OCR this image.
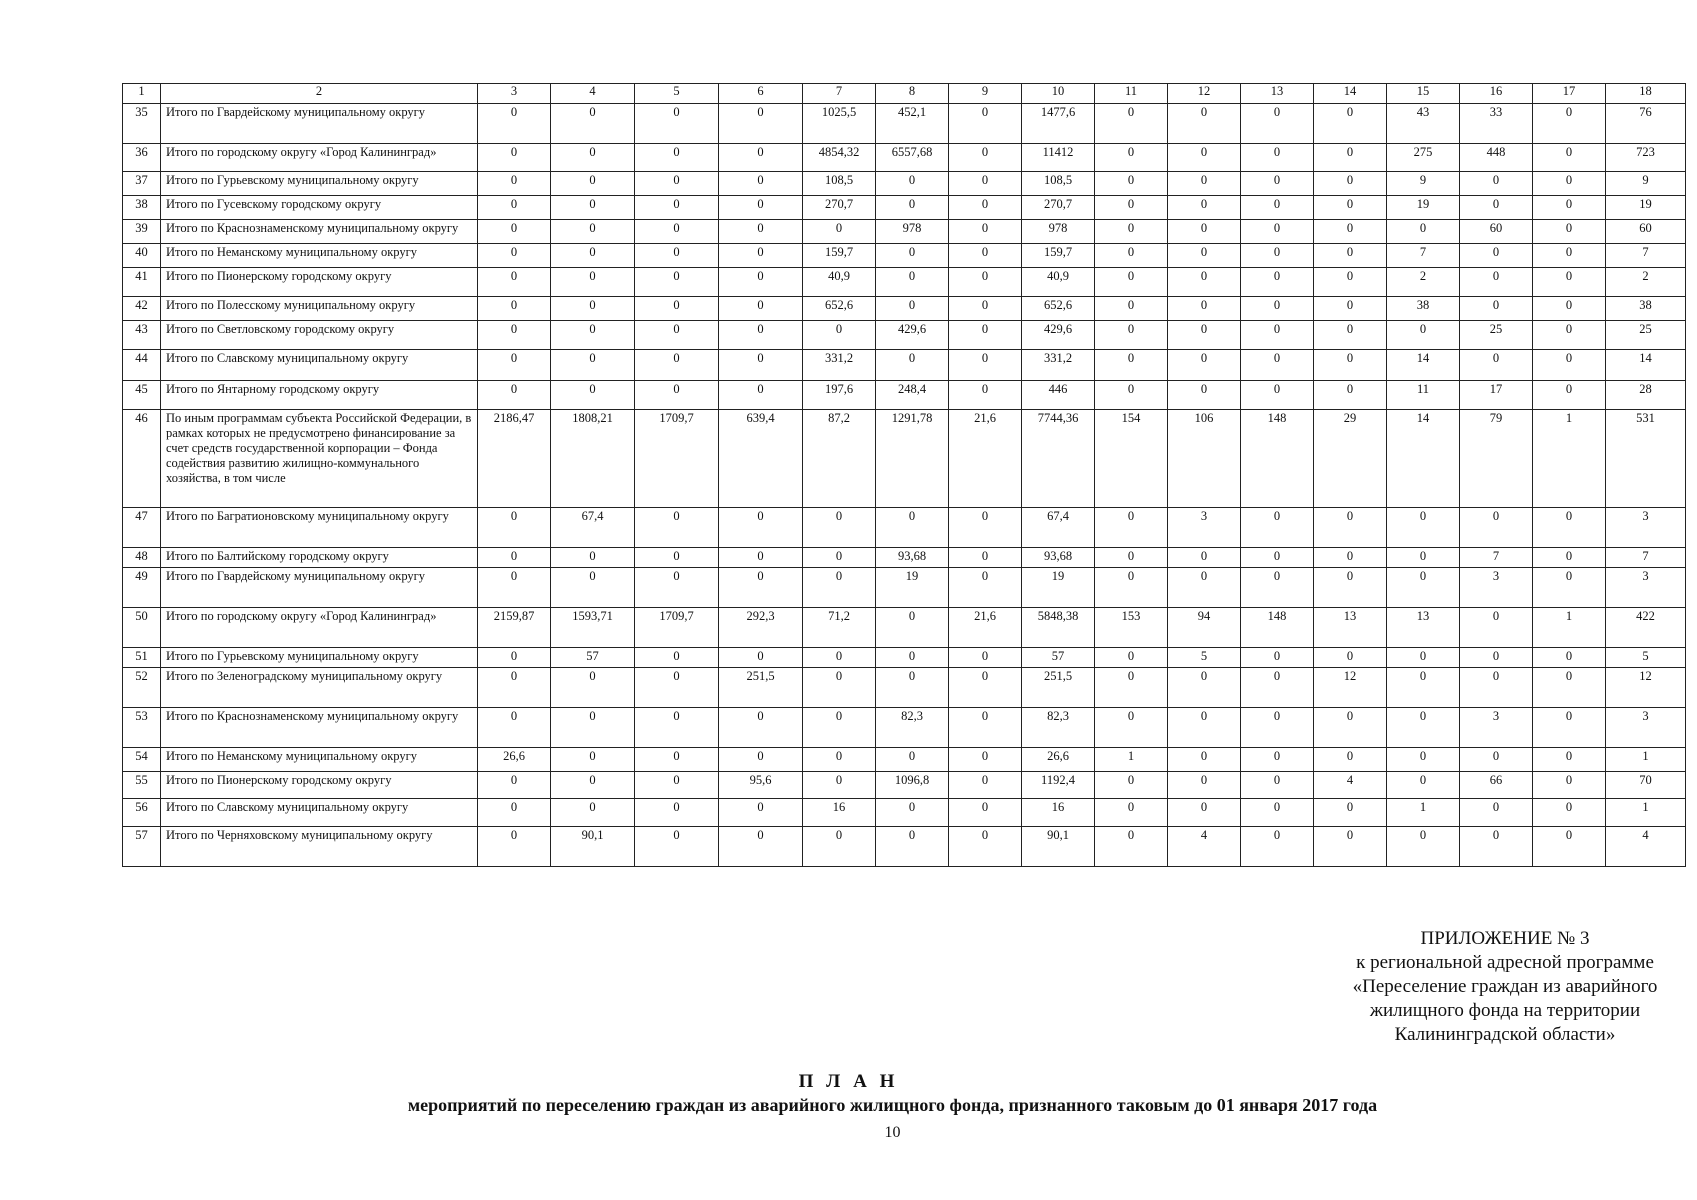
1	2	3	4	5	6	7	8	9	10	11	12	13	14	15	16	17	18
35	Итого по Гвардейскому муниципальному округу	0	0	0	0	1025,5	452,1	0	1477,6	0	0	0	0	43	33	0	76
36	Итого по городскому округу «Город Калининград»	0	0	0	0	4854,32	6557,68	0	11412	0	0	0	0	275	448	0	723
37	Итого по Гурьевскому муниципальному округу	0	0	0	0	108,5	0	0	108,5	0	0	0	0	9	0	0	9
38	Итого по Гусевскому городскому округу	0	0	0	0	270,7	0	0	270,7	0	0	0	0	19	0	0	19
39	Итого по Краснознаменскому муниципальному округу	0	0	0	0	0	978	0	978	0	0	0	0	0	60	0	60
40	Итого по Неманскому муниципальному округу	0	0	0	0	159,7	0	0	159,7	0	0	0	0	7	0	0	7
41	Итого по Пионерскому городскому округу	0	0	0	0	40,9	0	0	40,9	0	0	0	0	2	0	0	2
42	Итого по Полесскому муниципальному округу	0	0	0	0	652,6	0	0	652,6	0	0	0	0	38	0	0	38
43	Итого по Светловскому городскому округу	0	0	0	0	0	429,6	0	429,6	0	0	0	0	0	25	0	25
44	Итого по Славскому муниципальному округу	0	0	0	0	331,2	0	0	331,2	0	0	0	0	14	0	0	14
45	Итого по Янтарному городскому округу	0	0	0	0	197,6	248,4	0	446	0	0	0	0	11	17	0	28
46	По иным программам субъекта Российской Федерации, в рамках которых не предусмотрено финансирование за счет средств государственной корпорации – Фонда содействия развитию жилищно-коммунального хозяйства, в том числе	2186,47	1808,21	1709,7	639,4	87,2	1291,78	21,6	7744,36	154	106	148	29	14	79	1	531
47	Итого по Багратионовскому муниципальному округу	0	67,4	0	0	0	0	0	67,4	0	3	0	0	0	0	0	3
48	Итого по Балтийскому городскому округу	0	0	0	0	0	93,68	0	93,68	0	0	0	0	0	7	0	7
49	Итого по Гвардейскому муниципальному округу	0	0	0	0	0	19	0	19	0	0	0	0	0	3	0	3
50	Итого по городскому округу «Город Калининград»	2159,87	1593,71	1709,7	292,3	71,2	0	21,6	5848,38	153	94	148	13	13	0	1	422
51	Итого по Гурьевскому муниципальному округу	0	57	0	0	0	0	0	57	0	5	0	0	0	0	0	5
52	Итого по Зеленоградскому муниципальному округу	0	0	0	251,5	0	0	0	251,5	0	0	0	12	0	0	0	12
53	Итого по Краснознаменскому муниципальному округу	0	0	0	0	0	82,3	0	82,3	0	0	0	0	0	3	0	3
54	Итого по Неманскому муниципальному округу	26,6	0	0	0	0	0	0	26,6	1	0	0	0	0	0	0	1
55	Итого по Пионерскому городскому округу	0	0	0	95,6	0	1096,8	0	1192,4	0	0	0	4	0	66	0	70
56	Итого по Славскому муниципальному округу	0	0	0	0	16	0	0	16	0	0	0	0	1	0	0	1
57	Итого по Черняховскому муниципальному округу	0	90,1	0	0	0	0	0	90,1	0	4	0	0	0	0	0	4
ПРИЛОЖЕНИЕ № 3
к региональной адресной программе
«Переселение граждан из аварийного
жилищного фонда на территории
Калининградской области»
П Л А Н
мероприятий по переселению граждан из аварийного жилищного фонда, признанного таковым до 01 января 2017 года
10
